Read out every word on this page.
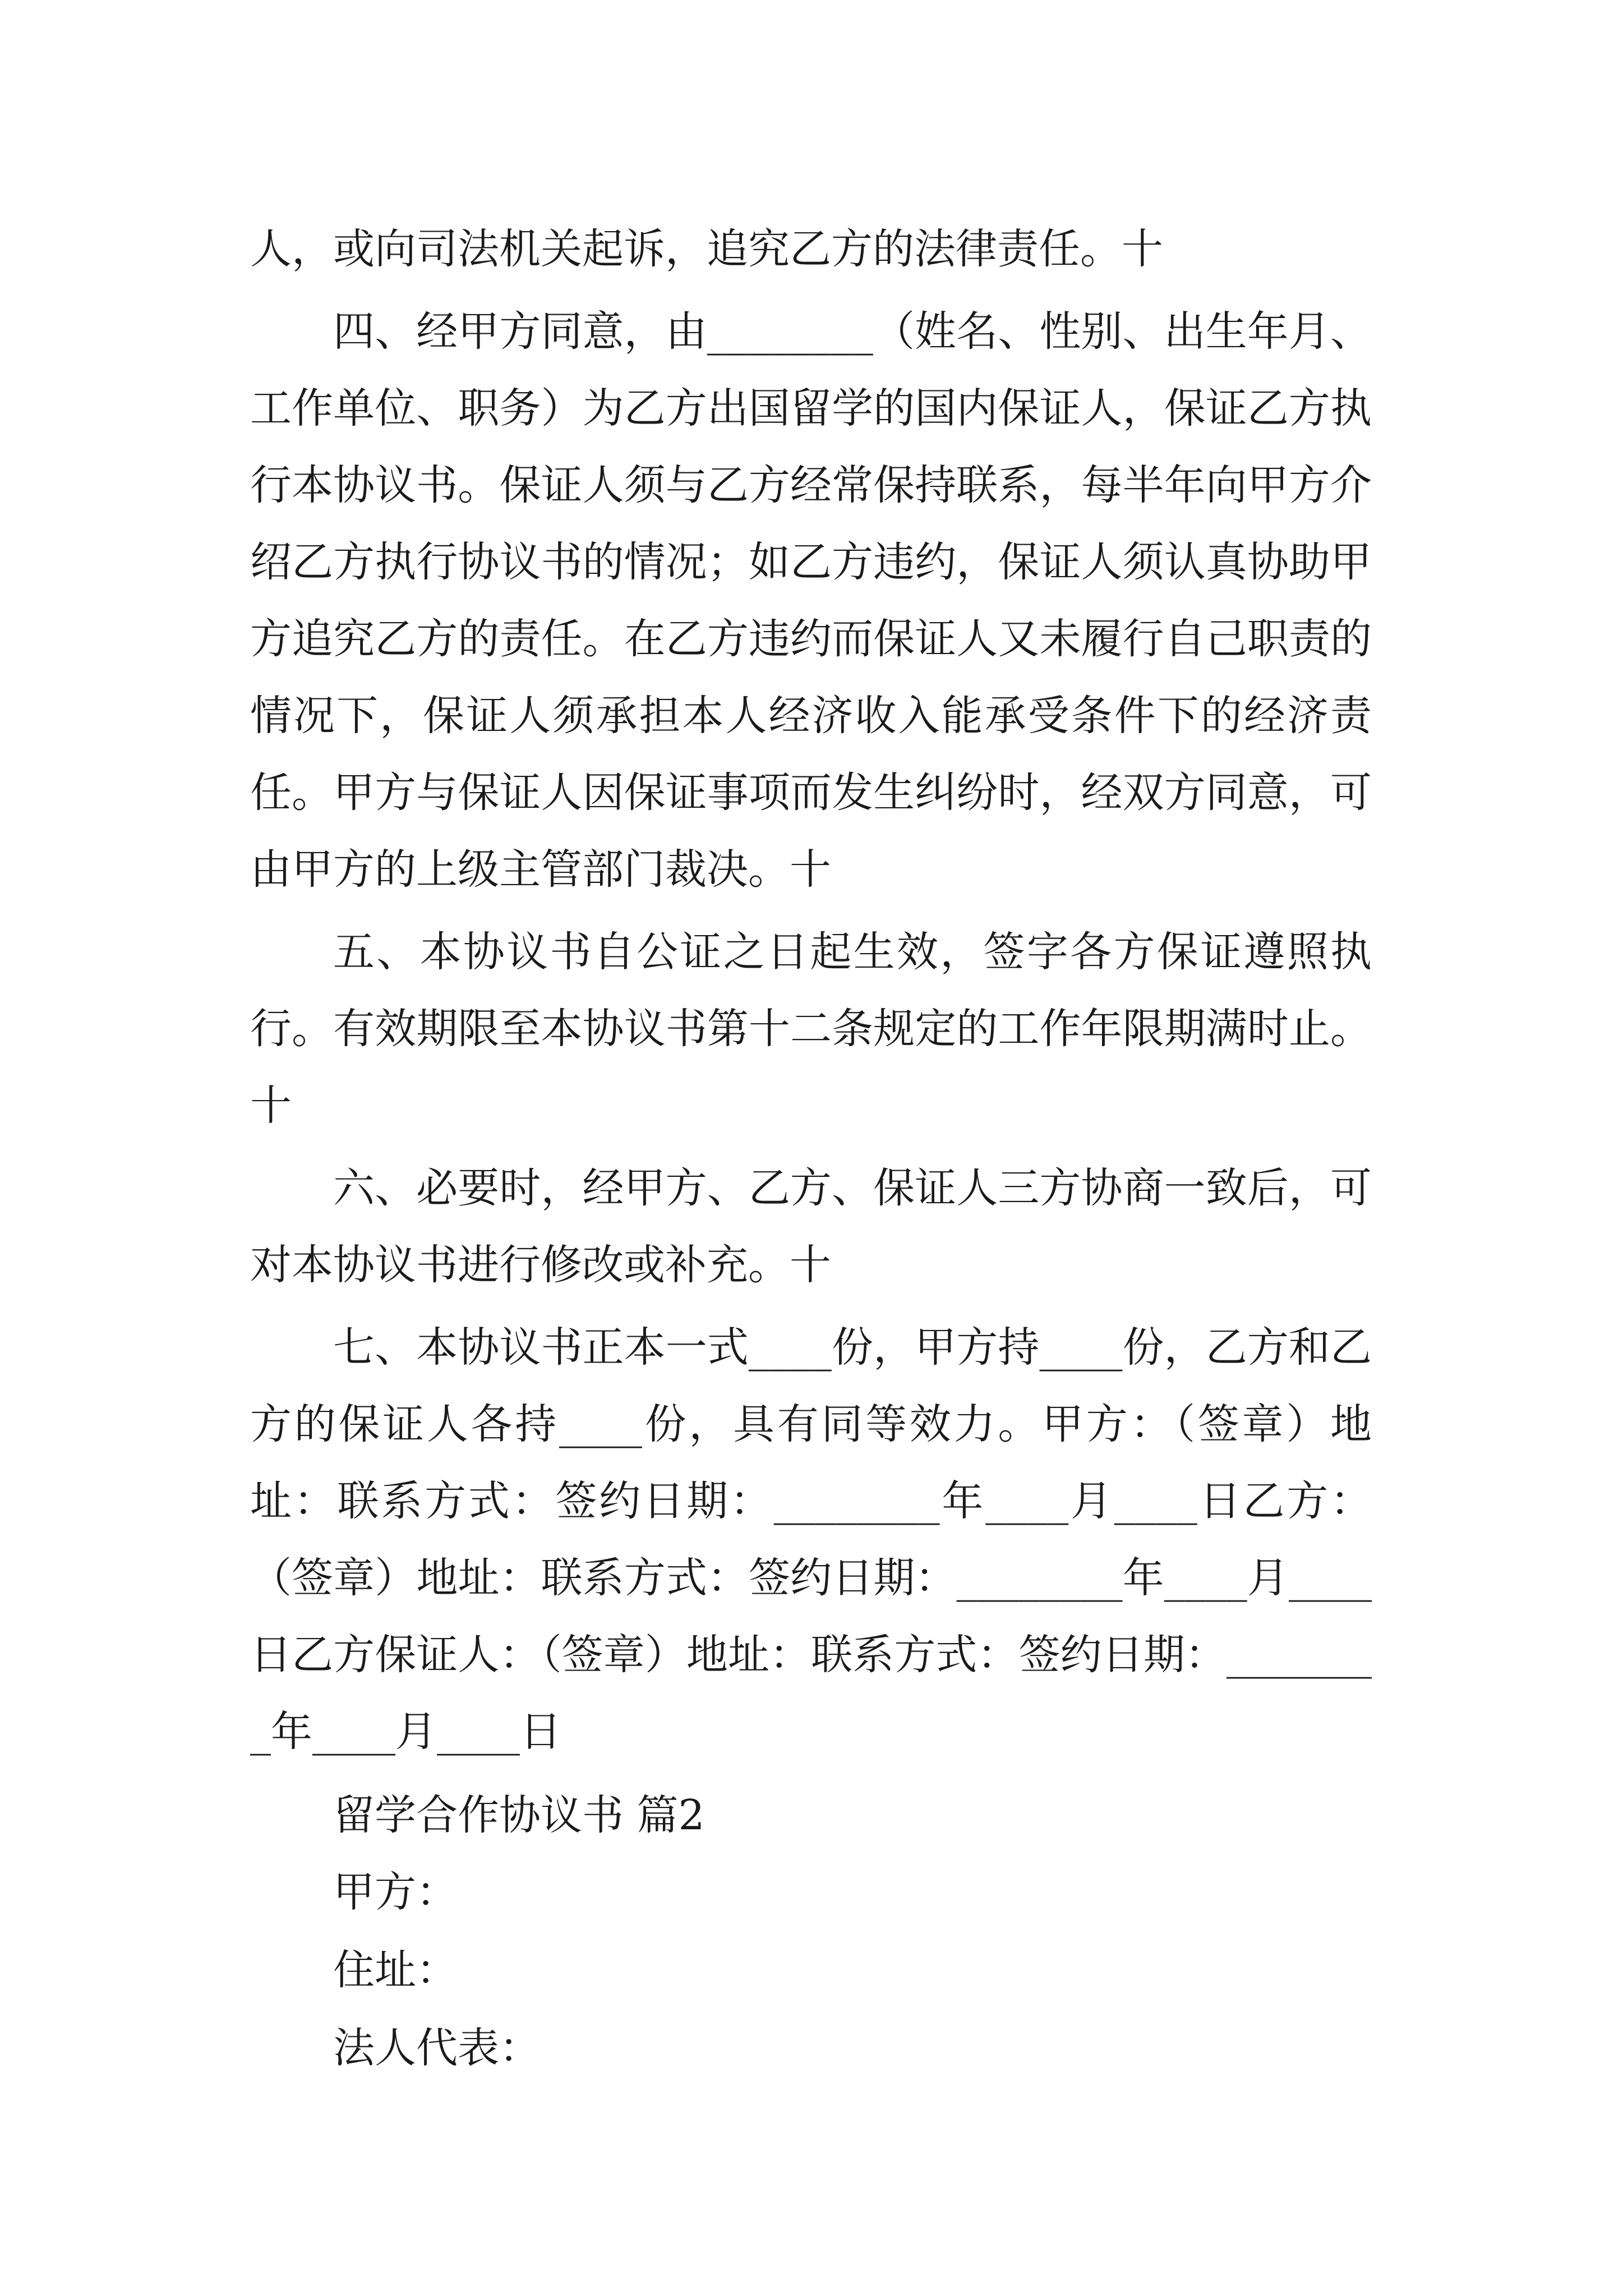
人，或向司法机关起诉，追究乙方的法律责任。十

四、经甲方同意，由________（姓名、性别、出生年月、工作单位、职务）为乙方出国留学的国内保证人，保证乙方执行本协议书。保证人须与乙方经常保持联系，每半年向甲方介绍乙方执行协议书的情况；如乙方违约，保证人须认真协助甲方追究乙方的责任。在乙方违约而保证人又未履行自己职责的情况下，保证人须承担本人经济收入能承受条件下的经济责任。甲方与保证人因保证事项而发生纠纷时，经双方同意，可由甲方的上级主管部门裁决。十

五、本协议书自公证之日起生效，签字各方保证遵照执行。有效期限至本协议书第十二条规定的工作年限期满时止。十

六、必要时，经甲方、乙方、保证人三方协商一致后，可对本协议书进行修改或补充。十

七、本协议书正本一式____份，甲方持____份，乙方和乙方的保证人各持____份，具有同等效力。甲方：（签章）地址：联系方式：签约日期：________年____月____日乙方：（签章）地址：联系方式：签约日期：________年____月____日乙方保证人：（签章）地址：联系方式：签约日期：________年____月____日

留学合作协议书 篇2

甲方：

住址：

法人代表：
